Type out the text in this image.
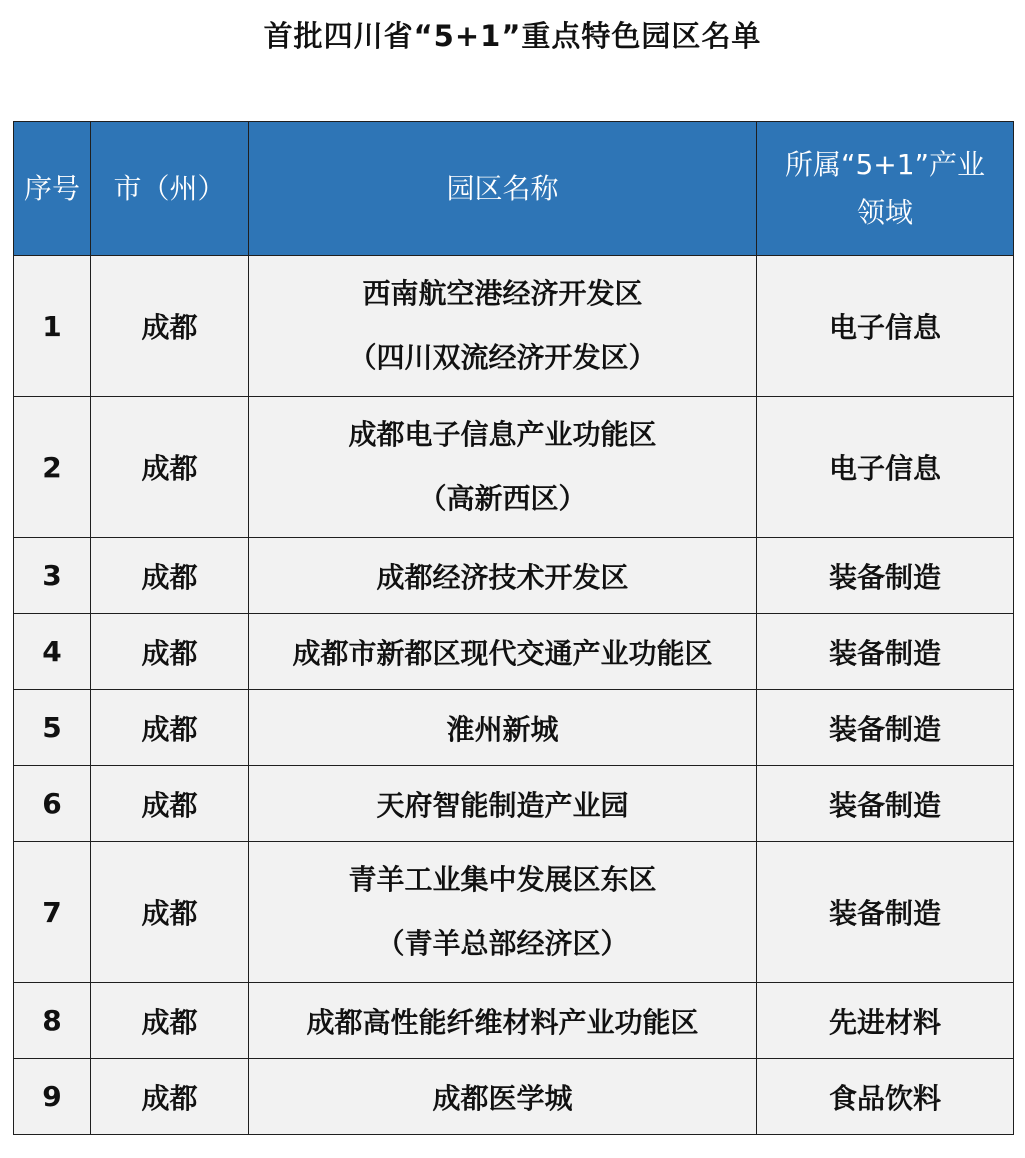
首批四川省“5+1”重点特色园区名单
序号	市（州）	园区名称	所属“5+1”产业
领域

1	成都	西南航空港经济开发区
（四川双流经济开发区）	电子信息
2	成都	成都电子信息产业功能区
（高新西区）	电子信息
3	成都	成都经济技术开发区	装备制造
4	成都	成都市新都区现代交通产业功能区	装备制造
5	成都	淮州新城	装备制造
6	成都	天府智能制造产业园	装备制造
7	成都	青羊工业集中发展区东区
（青羊总部经济区）	装备制造
8	成都	成都高性能纤维材料产业功能区	先进材料
9	成都	成都医学城	食品饮料
